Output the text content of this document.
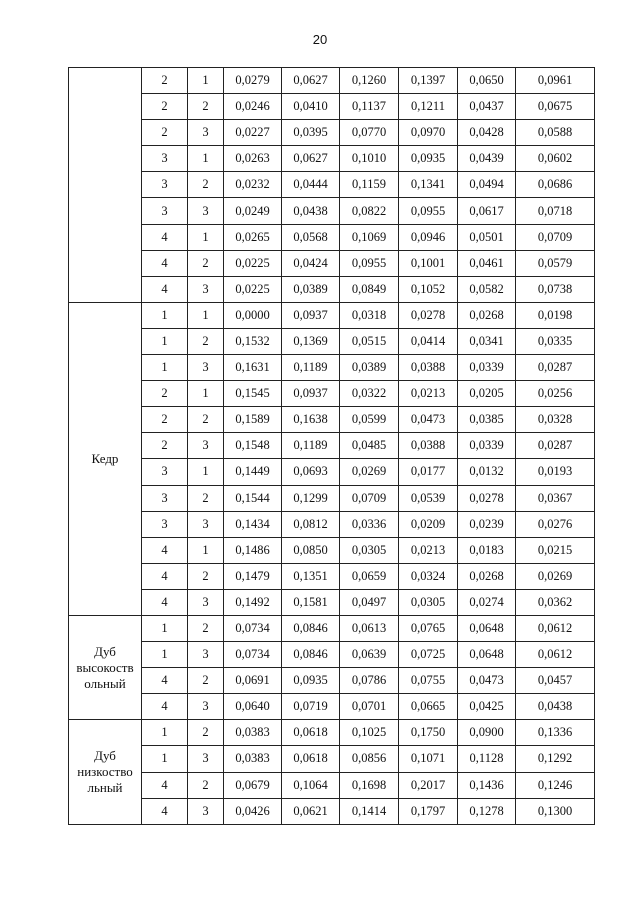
20
	2	1	0,0279	0,0627	0,1260	0,1397	0,0650	0,0961
	2	2	0,0246	0,0410	0,1137	0,1211	0,0437	0,0675
	2	3	0,0227	0,0395	0,0770	0,0970	0,0428	0,0588
	3	1	0,0263	0,0627	0,1010	0,0935	0,0439	0,0602
	3	2	0,0232	0,0444	0,1159	0,1341	0,0494	0,0686
	3	3	0,0249	0,0438	0,0822	0,0955	0,0617	0,0718
	4	1	0,0265	0,0568	0,1069	0,0946	0,0501	0,0709
	4	2	0,0225	0,0424	0,0955	0,1001	0,0461	0,0579
	4	3	0,0225	0,0389	0,0849	0,1052	0,0582	0,0738
Кедр	1	1	0,0000	0,0937	0,0318	0,0278	0,0268	0,0198
	1	2	0,1532	0,1369	0,0515	0,0414	0,0341	0,0335
	1	3	0,1631	0,1189	0,0389	0,0388	0,0339	0,0287
	2	1	0,1545	0,0937	0,0322	0,0213	0,0205	0,0256
	2	2	0,1589	0,1638	0,0599	0,0473	0,0385	0,0328
	2	3	0,1548	0,1189	0,0485	0,0388	0,0339	0,0287
	3	1	0,1449	0,0693	0,0269	0,0177	0,0132	0,0193
	3	2	0,1544	0,1299	0,0709	0,0539	0,0278	0,0367
	3	3	0,1434	0,0812	0,0336	0,0209	0,0239	0,0276
	4	1	0,1486	0,0850	0,0305	0,0213	0,0183	0,0215
	4	2	0,1479	0,1351	0,0659	0,0324	0,0268	0,0269
	4	3	0,1492	0,1581	0,0497	0,0305	0,0274	0,0362
Дуб высокоств ольный	1	2	0,0734	0,0846	0,0613	0,0765	0,0648	0,0612
	1	3	0,0734	0,0846	0,0639	0,0725	0,0648	0,0612
	4	2	0,0691	0,0935	0,0786	0,0755	0,0473	0,0457
	4	3	0,0640	0,0719	0,0701	0,0665	0,0425	0,0438
Дуб низкоство льный	1	2	0,0383	0,0618	0,1025	0,1750	0,0900	0,1336
	1	3	0,0383	0,0618	0,0856	0,1071	0,1128	0,1292
	4	2	0,0679	0,1064	0,1698	0,2017	0,1436	0,1246
	4	3	0,0426	0,0621	0,1414	0,1797	0,1278	0,1300
